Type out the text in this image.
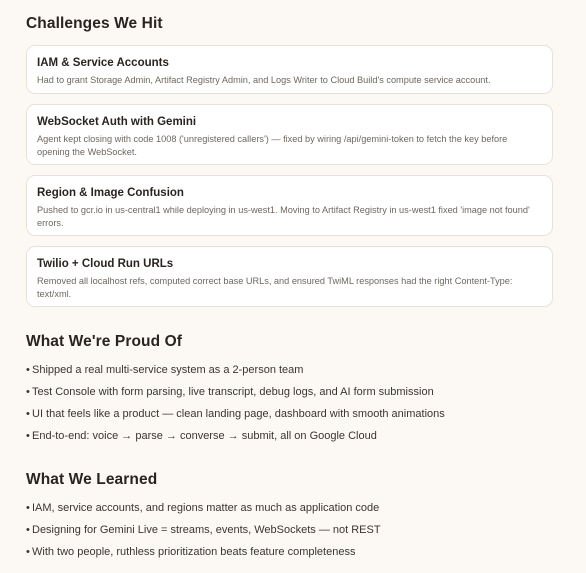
Challenges We Hit
IAM & Service Accounts
Had to grant Storage Admin, Artifact Registry Admin, and Logs Writer to Cloud Build's compute service account.
WebSocket Auth with Gemini
Agent kept closing with code 1008 ('unregistered callers') — fixed by wiring /api/gemini-token to fetch the key before opening the WebSocket.
Region & Image Confusion
Pushed to gcr.io in us-central1 while deploying in us-west1. Moving to Artifact Registry in us-west1 fixed 'image not found' errors.
Twilio + Cloud Run URLs
Removed all localhost refs, computed correct base URLs, and ensured TwiML responses had the right Content-Type: text/xml.
What We're Proud Of
• Shipped a real multi-service system as a 2-person team
• Test Console with form parsing, live transcript, debug logs, and AI form submission
• UI that feels like a product — clean landing page, dashboard with smooth animations
• End-to-end: voice → parse → converse → submit, all on Google Cloud
What We Learned
• IAM, service accounts, and regions matter as much as application code
• Designing for Gemini Live = streams, events, WebSockets — not REST
• With two people, ruthless prioritization beats feature completeness
